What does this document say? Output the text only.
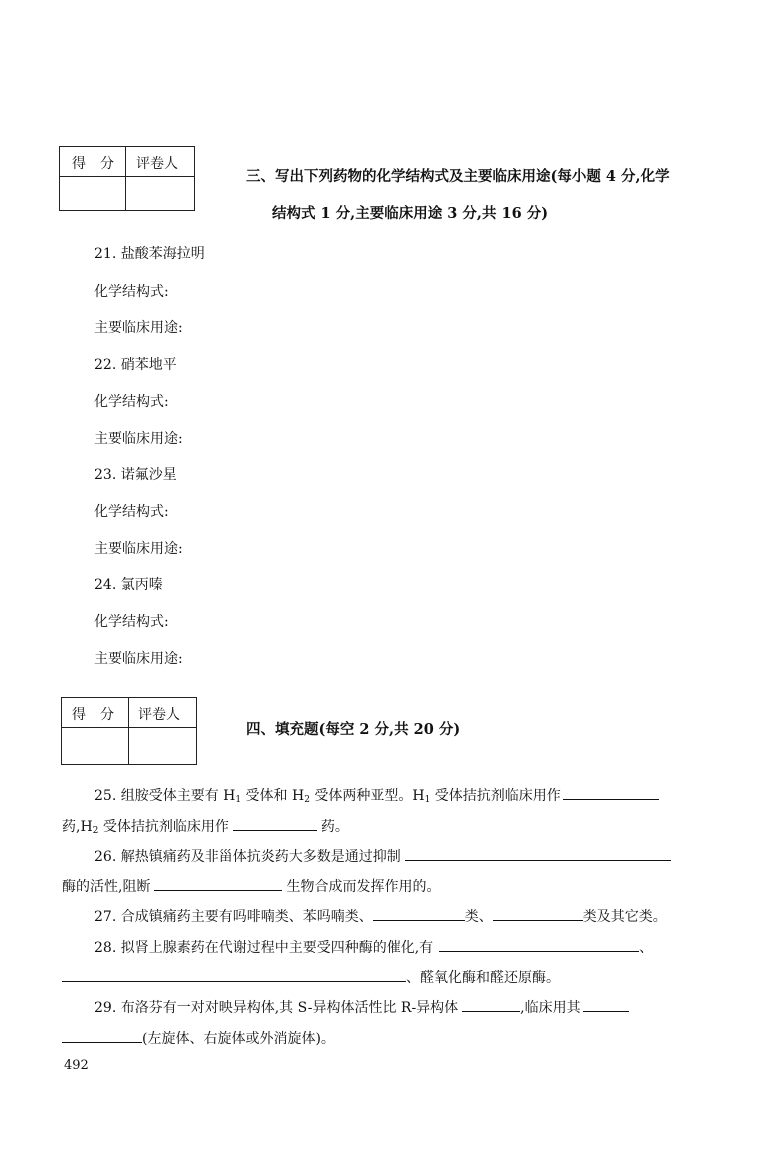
得　分 评卷人
三、写出下列药物的化学结构式及主要临床用途(每小题 4 分,化学
结构式 1 分,主要临床用途 3 分,共 16 分)
21. 盐酸苯海拉明
化学结构式:
主要临床用途:
22. 硝苯地平
化学结构式:
主要临床用途:
23. 诺氟沙星
化学结构式:
主要临床用途:
24. 氯丙嗪
化学结构式:
主要临床用途:
得　分 评卷人
四、填充题(每空 2 分,共 20 分)
25. 组胺受体主要有 $H_1$ 受体和 $H_2$ 受体两种亚型。$H_1$ 受体拮抗剂临床用作
药$,H_2$ 受体拮抗剂临床用作	药。
26. 解热镇痛药及非甾体抗炎药大多数是通过抑制
酶的活性,阻断	生物合成而发挥作用的。
27. 合成镇痛药主要有吗啡喃类、苯吗喃类、	类、	类及其它类。
28. 拟肾上腺素药在代谢过程中主要受四种酶的催化,有	、
、醛氧化酶和醛还原酶。
29. 布洛芬有一对对映异构体,其 S-异构体活性比 R-异构体	,临床用其
(左旋体、右旋体或外消旋体)。
492
